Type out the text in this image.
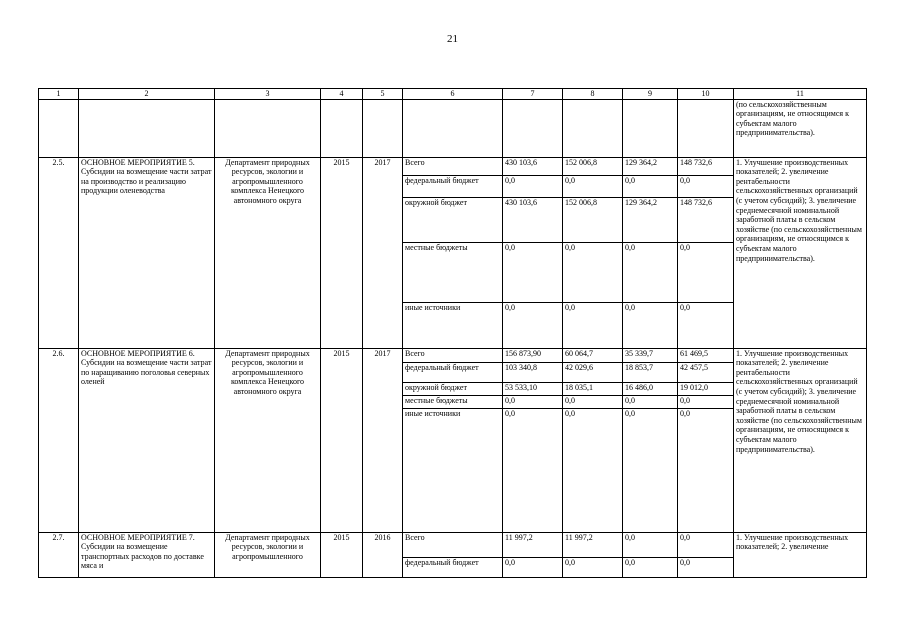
21
1	2	3	4	5	6	7	8	9	10	11
										(по сельскохозяйственным организациям, не относящимся к субъектам малого предпринимательства).
2.5.	ОСНОВНОЕ МЕРОПРИЯТИЕ 5. Субсидии на возмещение части затрат на производство и реализацию продукции оленеводства	Департамент природных ресурсов, экологии и агропромышленного комплекса Ненецкого автономного округа	2015	2017	Всего	430 103,6	152 006,8	129 364,2	148 732,6	1. Улучшение производственных показателей; 2. увеличение рентабельности сельскохозяйственных организаций (с учетом субсидий); 3. увеличение среднемесячной номинальной заработной платы в сельском хозяйстве (по сельскохозяйственным организациям, не относящимся к субъектам малого предпринимательства).
					федеральный бюджет	0,0	0,0	0,0	0,0	
					окружной бюджет	430 103,6	152 006,8	129 364,2	148 732,6	
					местные бюджеты	0,0	0,0	0,0	0,0	
					иные источники	0,0	0,0	0,0	0,0	
2.6.	ОСНОВНОЕ МЕРОПРИЯТИЕ 6. Субсидии на возмещение части затрат по наращиванию поголовья северных оленей	Департамент природных ресурсов, экологии и агропромышленного комплекса Ненецкого автономного округа	2015	2017	Всего	156 873,90	60 064,7	35 339,7	61 469,5	1. Улучшение производственных показателей; 2. увеличение рентабельности сельскохозяйственных организаций (с учетом субсидий); 3. увеличение среднемесячной номинальной заработной платы в сельском хозяйстве (по сельскохозяйственным организациям, не относящимся к субъектам малого предпринимательства).
					федеральный бюджет	103 340,8	42 029,6	18 853,7	42 457,5	
					окружной бюджет	53 533,10	18 035,1	16 486,0	19 012,0	
					местные бюджеты	0,0	0,0	0,0	0,0	
					иные источники	0,0	0,0	0,0	0,0	
2.7.	ОСНОВНОЕ МЕРОПРИЯТИЕ 7. Субсидии на возмещение транспортных расходов по доставке мяса и	Департамент природных ресурсов, экологии и агропромышленного	2015	2016	Всего	11 997,2	11 997,2	0,0	0,0	1. Улучшение производственных показателей; 2. увеличение
					федеральный бюджет	0,0	0,0	0,0	0,0	
